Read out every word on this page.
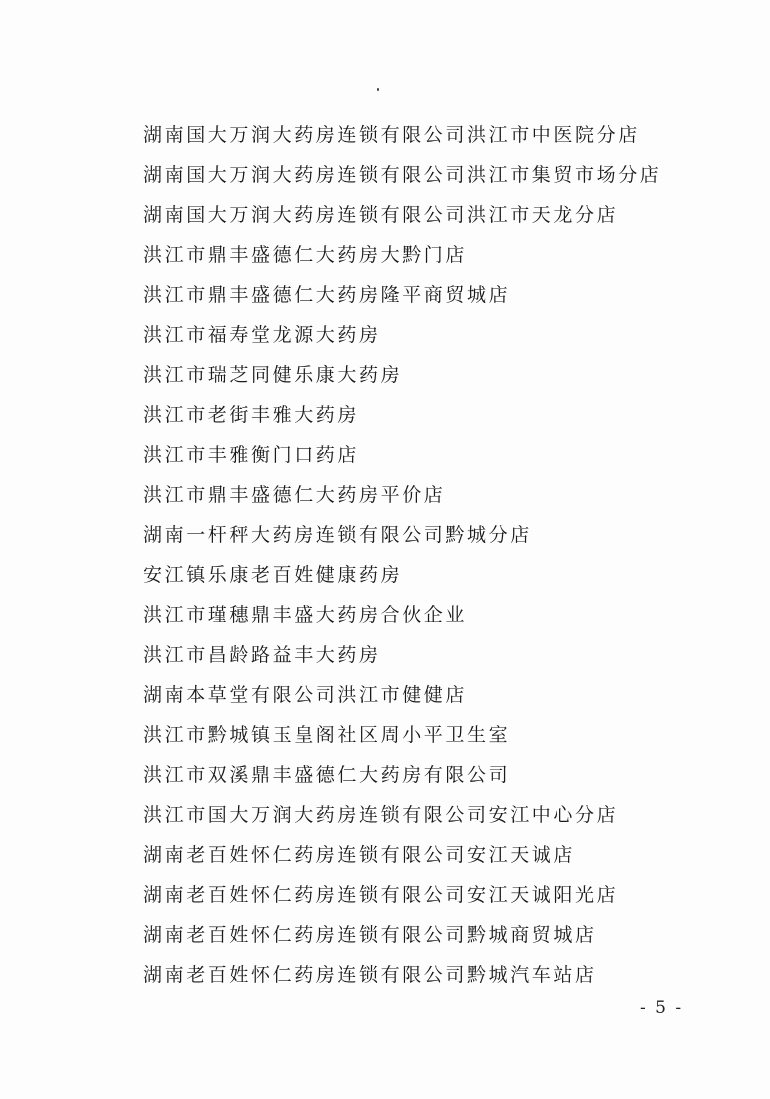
湖南国大万润大药房连锁有限公司洪江市中医院分店
湖南国大万润大药房连锁有限公司洪江市集贸市场分店
湖南国大万润大药房连锁有限公司洪江市天龙分店
洪江市鼎丰盛德仁大药房大黔门店
洪江市鼎丰盛德仁大药房隆平商贸城店
洪江市福寿堂龙源大药房
洪江市瑞芝同健乐康大药房
洪江市老街丰雅大药房
洪江市丰雅衡门口药店
洪江市鼎丰盛德仁大药房平价店
湖南一杆秤大药房连锁有限公司黔城分店
安江镇乐康老百姓健康药房
洪江市瑾穗鼎丰盛大药房合伙企业
洪江市昌龄路益丰大药房
湖南本草堂有限公司洪江市健健店
洪江市黔城镇玉皇阁社区周小平卫生室
洪江市双溪鼎丰盛德仁大药房有限公司
洪江市国大万润大药房连锁有限公司安江中心分店
湖南老百姓怀仁药房连锁有限公司安江天诚店
湖南老百姓怀仁药房连锁有限公司安江天诚阳光店
湖南老百姓怀仁药房连锁有限公司黔城商贸城店
湖南老百姓怀仁药房连锁有限公司黔城汽车站店
- 5 -
